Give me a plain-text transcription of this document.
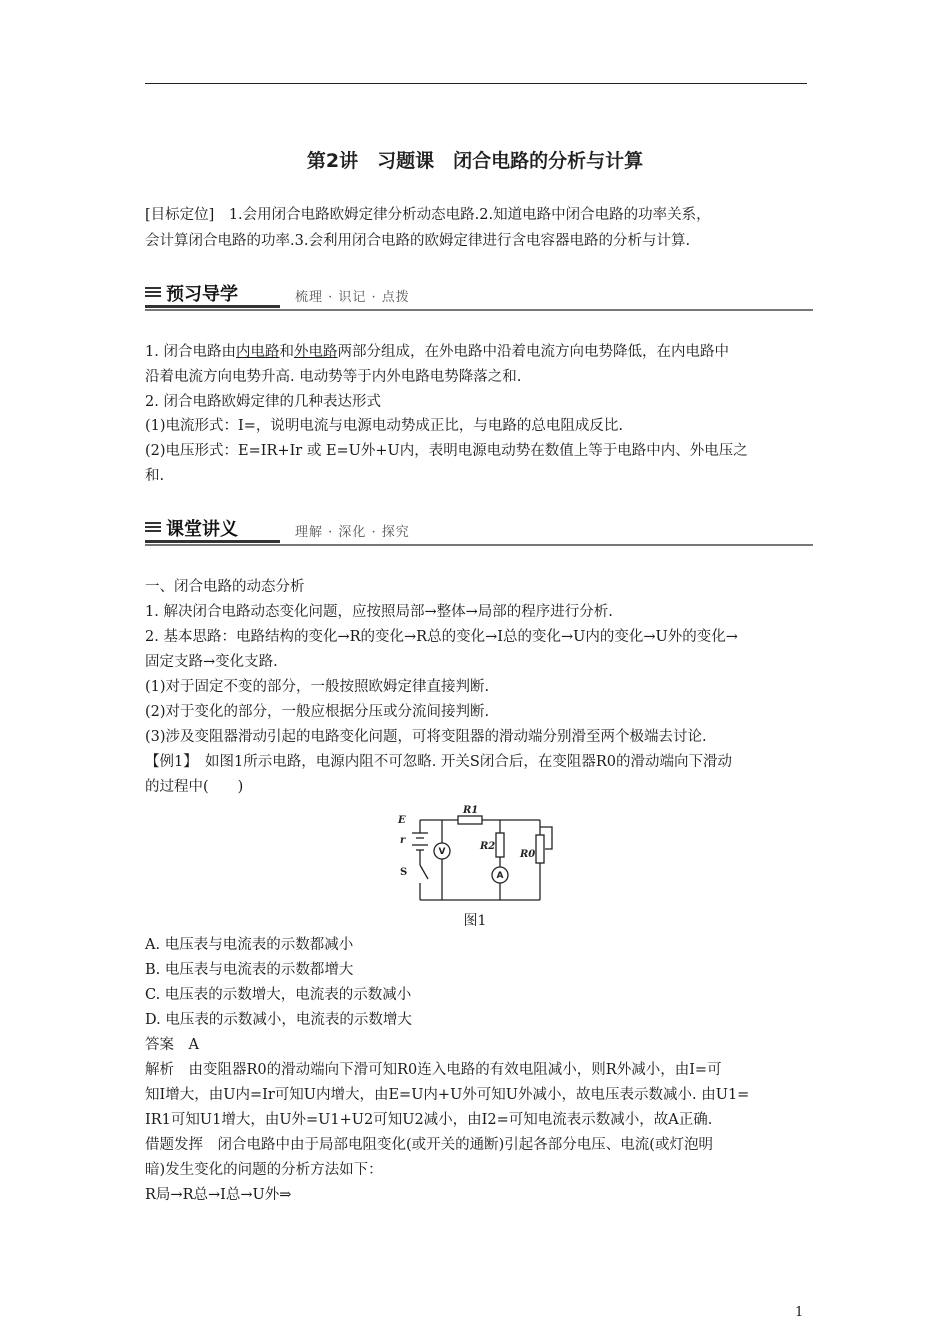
第2讲　习题课　闭合电路的分析与计算
[目标定位]　1.会用闭合电路欧姆定律分析动态电路.2.知道电路中闭合电路的功率关系，
会计算闭合电路的功率.3.会利用闭合电路的欧姆定律进行含电容器电路的分析与计算.
预习导学	梳理 · 识记 · 点拨
1. 闭合电路由内电路和外电路两部分组成，在外电路中沿着电流方向电势降低，在内电路中
沿着电流方向电势升高. 电动势等于内外电路电势降落之和.
2. 闭合电路欧姆定律的几种表达形式
(1)电流形式：I=，说明电流与电源电动势成正比，与电路的总电阻成反比.
(2)电压形式：E=IR+Ir 或 E=U外+U内，表明电源电动势在数值上等于电路中内、外电压之
和.
课堂讲义	理解 · 深化 · 探究
一、闭合电路的动态分析
1. 解决闭合电路动态变化问题，应按照局部→整体→局部的程序进行分析.
2. 基本思路：电路结构的变化→R的变化→R总的变化→I总的变化→U内的变化→U外的变化→
固定支路→变化支路.
(1)对于固定不变的部分，一般按照欧姆定律直接判断.
(2)对于变化的部分，一般应根据分压或分流间接判断.
(3)涉及变阻器滑动引起的电路变化问题，可将变阻器的滑动端分别滑至两个极端去讨论.
【例1】　如图1所示电路，电源内阻不可忽略. 开关S闭合后，在变阻器R0的滑动端向下滑动
的过程中(　　)
E
r
S
R1
R2
R0
V
A
图1
A. 电压表与电流表的示数都减小
B. 电压表与电流表的示数都增大
C. 电压表的示数增大，电流表的示数减小
D. 电压表的示数减小，电流表的示数增大
答案　A
解析　由变阻器R0的滑动端向下滑可知R0连入电路的有效电阻减小，则R外减小，由I=可
知I增大，由U内=Ir可知U内增大，由E=U内+U外可知U外减小，故电压表示数减小. 由U1=
IR1可知U1增大，由U外=U1+U2可知U2减小，由I2=可知电流表示数减小，故A正确.
借题发挥　闭合电路中由于局部电阻变化(或开关的通断)引起各部分电压、电流(或灯泡明
暗)发生变化的问题的分析方法如下：
R局→R总→I总→U外⇒
1
